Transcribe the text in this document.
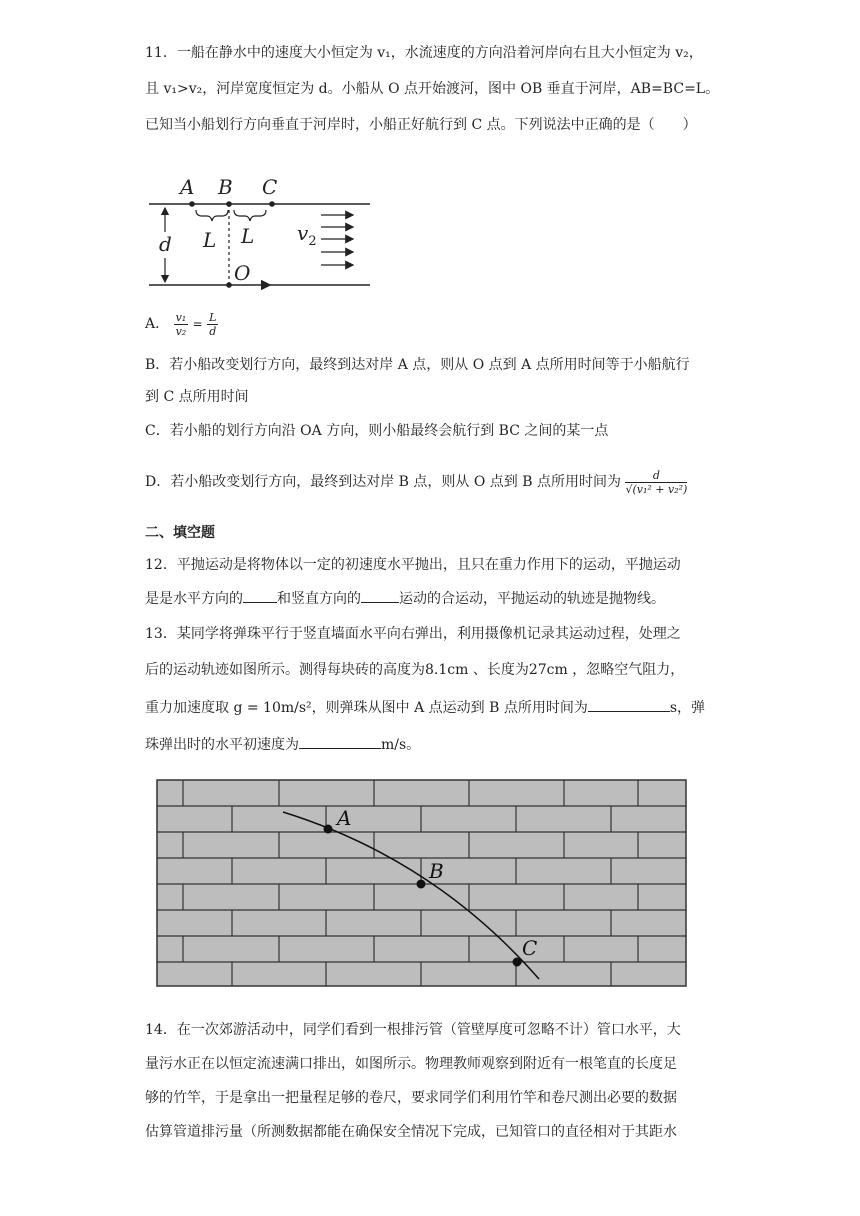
11．一船在静水中的速度大小恒定为 v₁，水流速度的方向沿着河岸向右且大小恒定为 v₂，
且 v₁>v₂，河岸宽度恒定为 d。小船从 O 点开始渡河，图中 OB 垂直于河岸，AB=BC=L。
已知当小船划行方向垂直于河岸时，小船正好航行到 C 点。下列说法中正确的是（　　）
A B C
L L
d
O
$v_2$
A． $\frac{\text{v₁}}{\text{v₂}} = \frac{L}{d}$
B．若小船改变划行方向，最终到达对岸 A 点，则从 O 点到 A 点所用时间等于小船航行
到 C 点所用时间
C．若小船的划行方向沿 OA 方向，则小船最终会航行到 BC 之间的某一点
D．若小船改变划行方向，最终到达对岸 B 点，则从 O 点到 B 点所用时间为 $\frac{d}{\text{√(v₁² + v₂²)}}$
二、填空题
12．平抛运动是将物体以一定的初速度水平抛出，且只在重力作用下的运动，平抛运动
是是水平方向的 和竖直方向的	运动的合运动，平抛运动的轨迹是抛物线。
13．某同学将弹珠平行于竖直墙面水平向右弹出，利用摄像机记录其运动过程，处理之
后的运动轨迹如图所示。测得每块砖的高度为8.1cm 、长度为27cm ，忽略空气阻力，
重力加速度取 g = 10m/s²，则弹珠从图中 A 点运动到 B 点所用时间为	s，弹
珠弹出时的水平初速度为	m/s。
A
B
C
14．在一次郊游活动中，同学们看到一根排污管（管壁厚度可忽略不计）管口水平，大
量污水正在以恒定流速满口排出，如图所示。物理教师观察到附近有一根笔直的长度足
够的竹竿，于是拿出一把量程足够的卷尺，要求同学们利用竹竿和卷尺测出必要的数据
估算管道排污量（所测数据都能在确保安全情况下完成，已知管口的直径相对于其距水
